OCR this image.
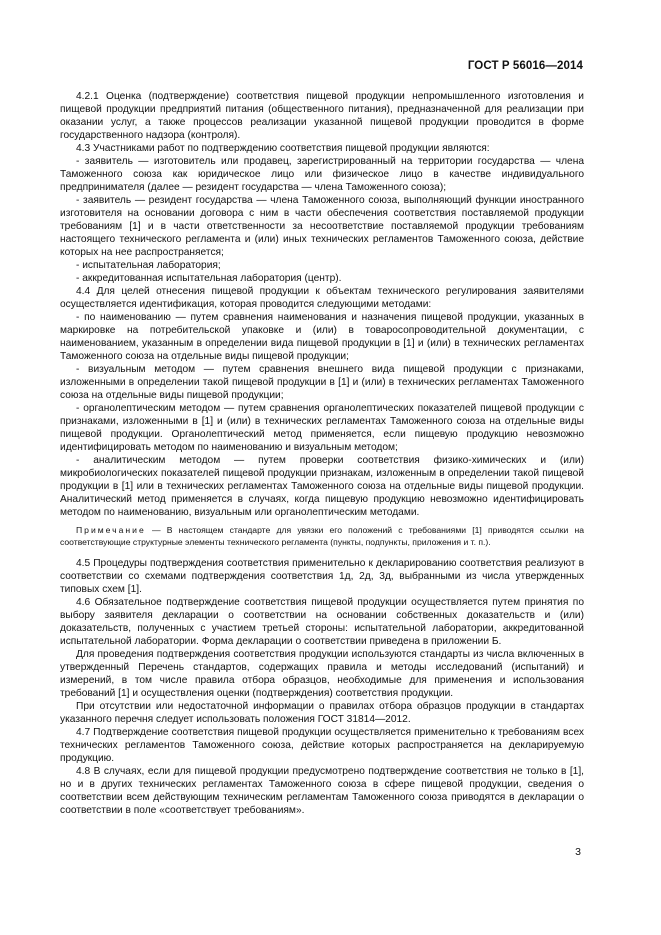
ГОСТ Р 56016—2014

4.2.1 Оценка (подтверждение) соответствия пищевой продукции непромышленного изготовления и пищевой продукции предприятий питания (общественного питания), предназначенной для реализации при оказании услуг, а также процессов реализации указанной пищевой продукции проводится в форме государственного надзора (контроля).

4.3 Участниками работ по подтверждению соответствия пищевой продукции являются:

- заявитель — изготовитель или продавец, зарегистрированный на территории государства — члена Таможенного союза как юридическое лицо или физическое лицо в качестве индивидуального предпринимателя (далее — резидент государства — члена Таможенного союза);

- заявитель — резидент государства — члена Таможенного союза, выполняющий функции иностранного изготовителя на основании договора с ним в части обеспечения соответствия поставляемой продукции требованиям [1] и в части ответственности за несоответствие поставляемой продукции требованиям настоящего технического регламента и (или) иных технических регламентов Таможенного союза, действие которых на нее распространяется;

- испытательная лаборатория;

- аккредитованная испытательная лаборатория (центр).

4.4 Для целей отнесения пищевой продукции к объектам технического регулирования заявителями осуществляется идентификация, которая проводится следующими методами:

- по наименованию — путем сравнения наименования и назначения пищевой продукции, указанных в маркировке на потребительской упаковке и (или) в товаросопроводительной документации, с наименованием, указанным в определении вида пищевой продукции в [1] и (или) в технических регламентах Таможенного союза на отдельные виды пищевой продукции;

- визуальным методом — путем сравнения внешнего вида пищевой продукции с признаками, изложенными в определении такой пищевой продукции в [1] и (или) в технических регламентах Таможенного союза на отдельные виды пищевой продукции;

- органолептическим методом — путем сравнения органолептических показателей пищевой продукции с признаками, изложенными в [1] и (или) в технических регламентах Таможенного союза на отдельные виды пищевой продукции. Органолептический метод применяется, если пищевую продукцию невозможно идентифицировать методом по наименованию и визуальным методом;

- аналитическим методом — путем проверки соответствия физико-химических и (или) микробиологических показателей пищевой продукции признакам, изложенным в определении такой пищевой продукции в [1] или в технических регламентах Таможенного союза на отдельные виды пищевой продукции. Аналитический метод применяется в случаях, когда пищевую продукцию невозможно идентифицировать методом по наименованию, визуальным или органолептическим методами.

Примечание — В настоящем стандарте для увязки его положений с требованиями [1] приводятся ссылки на соответствующие структурные элементы технического регламента (пункты, подпункты, приложения и т. п.).

4.5 Процедуры подтверждения соответствия применительно к декларированию соответствия реализуют в соответствии со схемами подтверждения соответствия 1д, 2д, 3д, выбранными из числа утвержденных типовых схем [1].

4.6 Обязательное подтверждение соответствия пищевой продукции осуществляется путем принятия по выбору заявителя декларации о соответствии на основании собственных доказательств и (или) доказательств, полученных с участием третьей стороны: испытательной лаборатории, аккредитованной испытательной лаборатории. Форма декларации о соответствии приведена в приложении Б.

Для проведения подтверждения соответствия продукции используются стандарты из числа включенных в утвержденный Перечень стандартов, содержащих правила и методы исследований (испытаний) и измерений, в том числе правила отбора образцов, необходимые для применения и использования требований [1] и осуществления оценки (подтверждения) соответствия продукции.

При отсутствии или недостаточной информации о правилах отбора образцов продукции в стандартах указанного перечня следует использовать положения ГОСТ 31814—2012.

4.7 Подтверждение соответствия пищевой продукции осуществляется применительно к требованиям всех технических регламентов Таможенного союза, действие которых распространяется на декларируемую продукцию.

4.8 В случаях, если для пищевой продукции предусмотрено подтверждение соответствия не только в [1], но и в других технических регламентах Таможенного союза в сфере пищевой продукции, сведения о соответствии всем действующим техническим регламентам Таможенного союза приводятся в декларации о соответствии в поле «соответствует требованиям».

3
